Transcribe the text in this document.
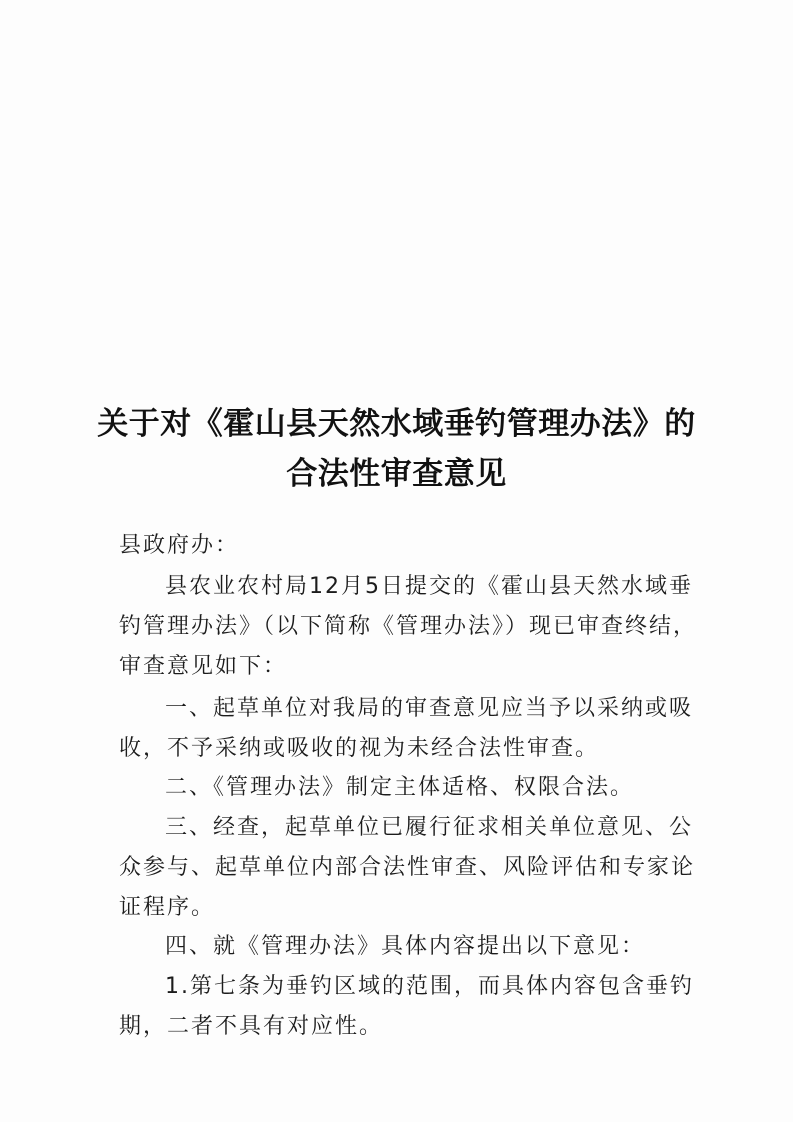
关于对《霍山县天然水域垂钓管理办法》的
合法性审查意见
县政府办：
县农业农村局12月5日提交的《霍山县天然水域垂
钓管理办法》（以下简称《管理办法》）现已审查终结，
审查意见如下：
一、起草单位对我局的审查意见应当予以采纳或吸
收，不予采纳或吸收的视为未经合法性审查。
二、《管理办法》制定主体适格、权限合法。
三、经查，起草单位已履行征求相关单位意见、公
众参与、起草单位内部合法性审查、风险评估和专家论
证程序。
四、就《管理办法》具体内容提出以下意见：
1.第七条为垂钓区域的范围，而具体内容包含垂钓
期，二者不具有对应性。
